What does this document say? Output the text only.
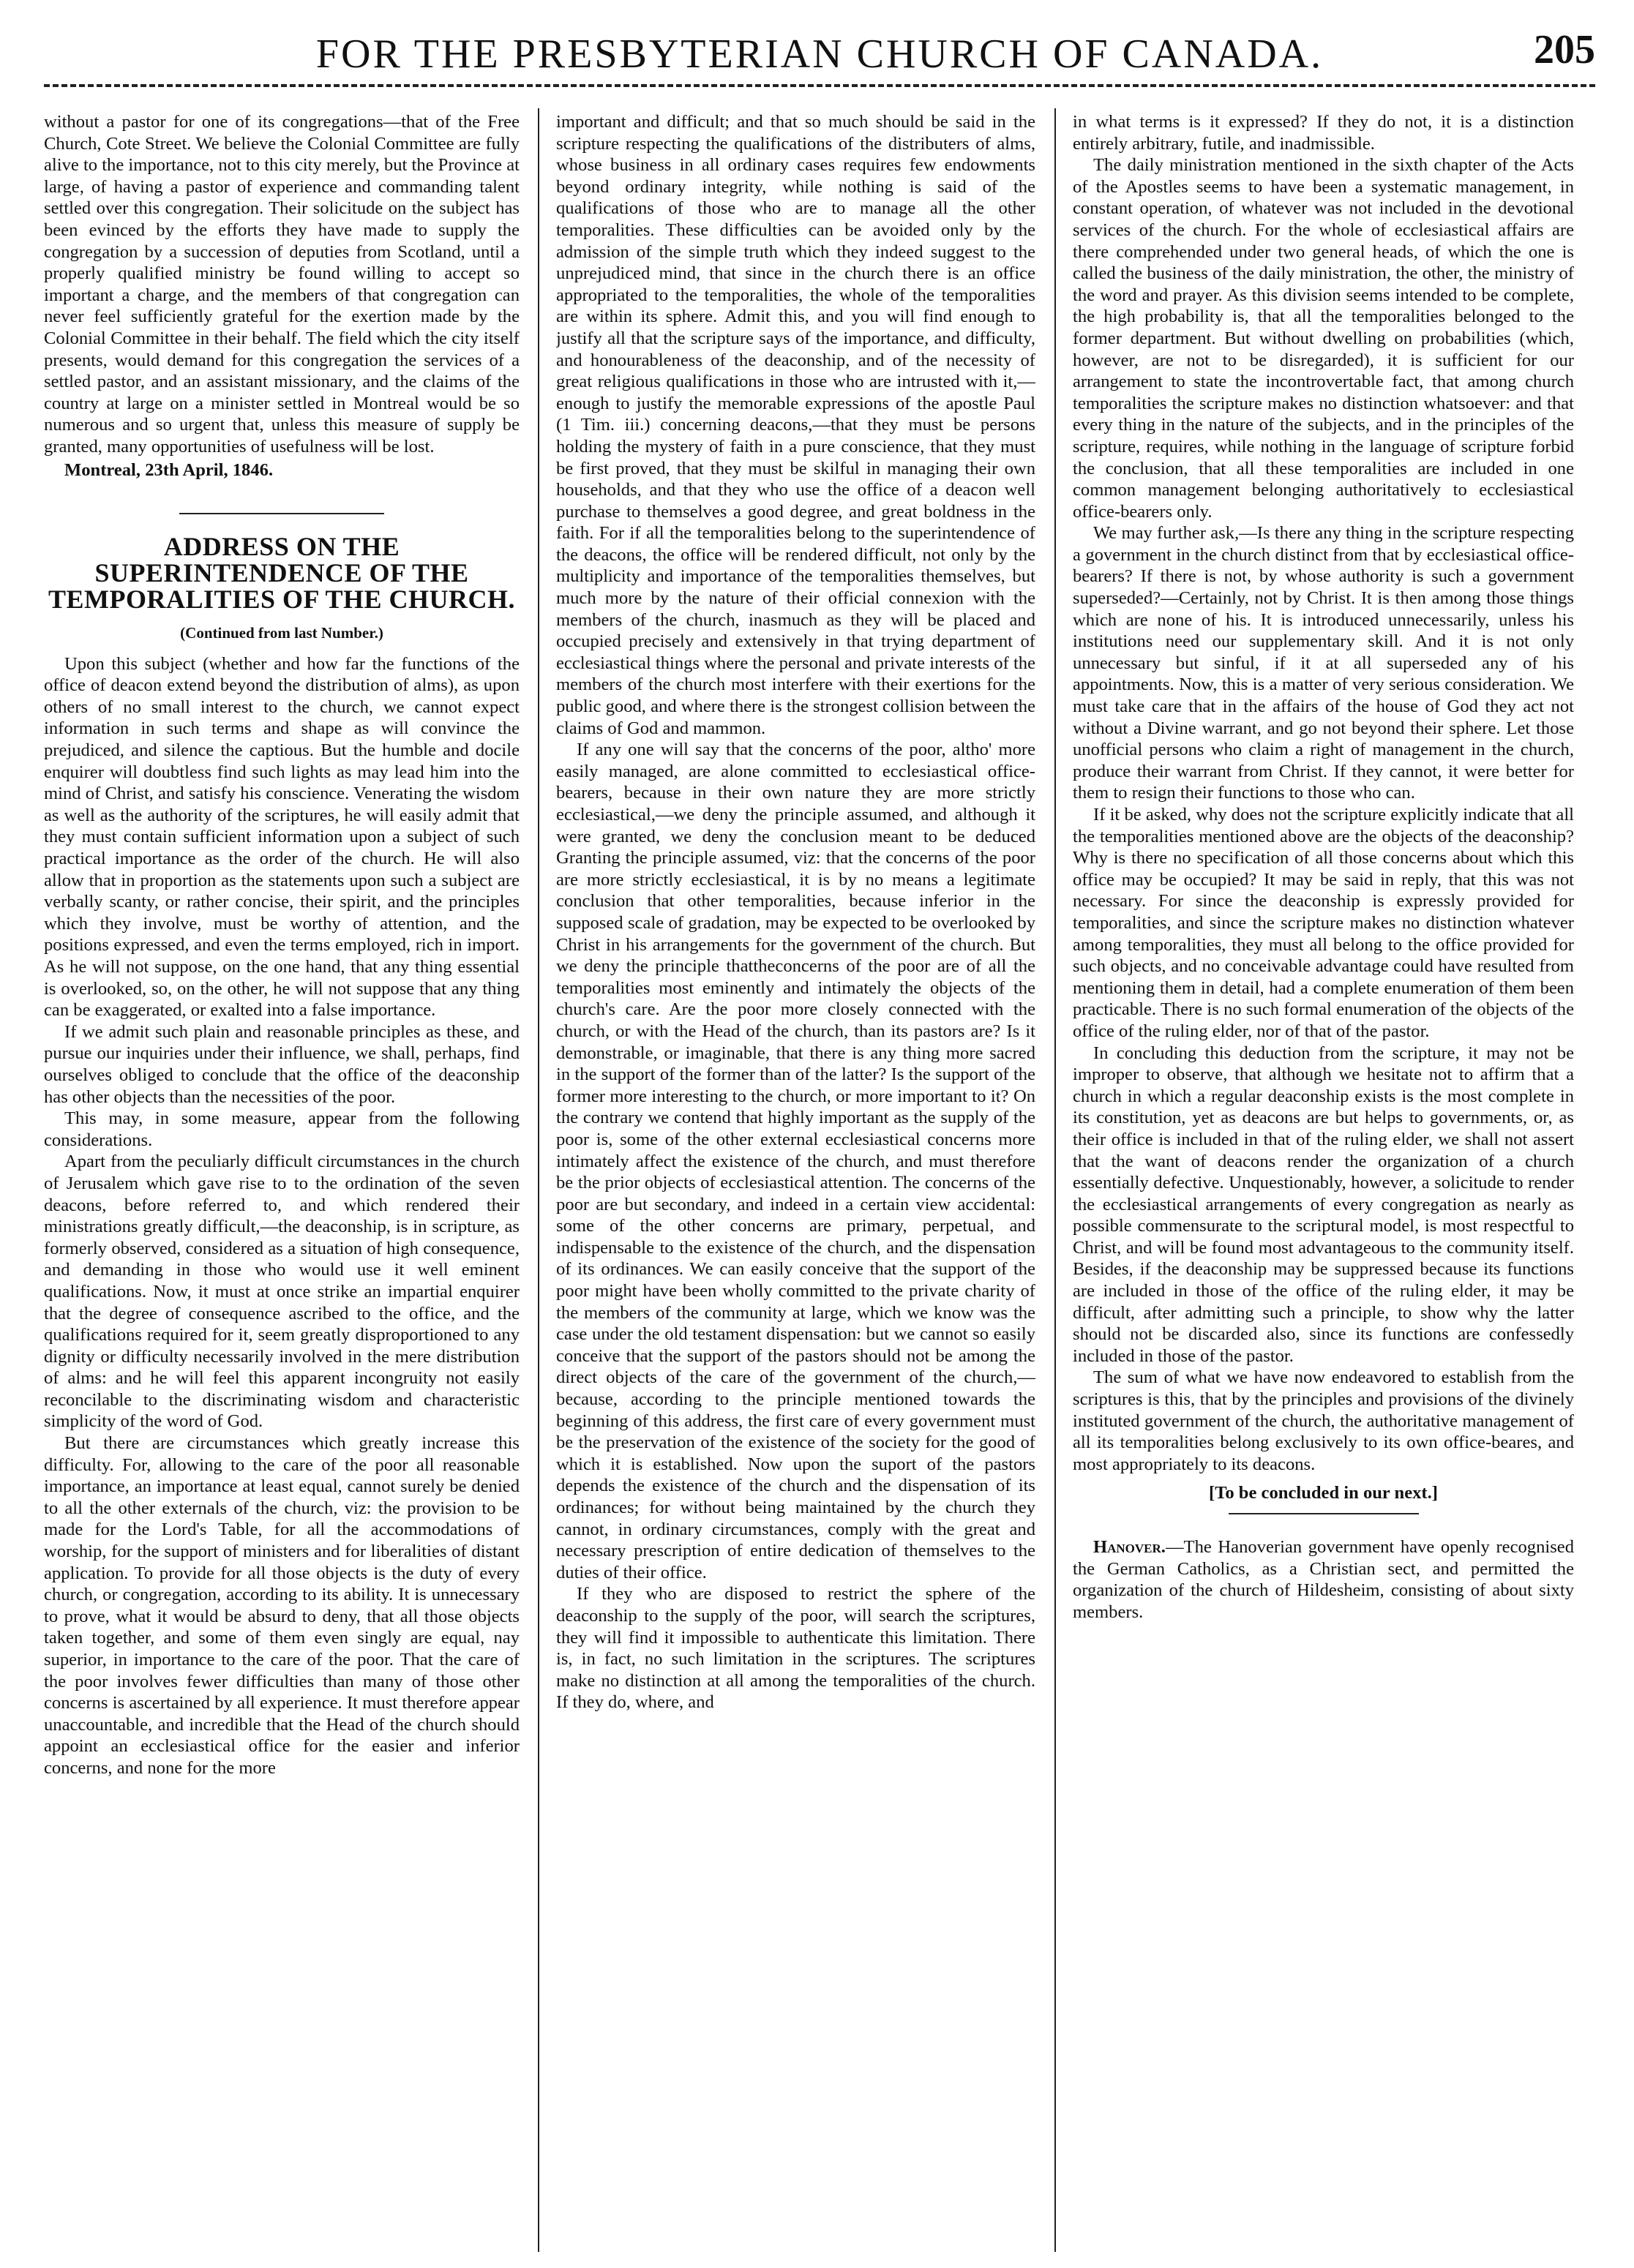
FOR THE PRESBYTERIAN CHURCH OF CANADA.	205

without a pastor for one of its congregations—that of the Free Church, Cote Street. We believe the Colonial Committee are fully alive to the importance, not to this city merely, but the Province at large, of having a pastor of experience and commanding talent settled over this congregation. Their solicitude on the subject has been evinced by the efforts they have made to supply the congregation by a succession of deputies from Scotland, until a properly qualified ministry be found willing to accept so important a charge, and the members of that congregation can never feel sufficiently grateful for the exertion made by the Colonial Committee in their behalf. The field which the city itself presents, would demand for this congregation the services of a settled pastor, and an assistant missionary, and the claims of the country at large on a minister settled in Montreal would be so numerous and so urgent that, unless this measure of supply be granted, many opportunities of usefulness will be lost.

Montreal, 23th April, 1846.

ADDRESS ON THE SUPERINTENDENCE OF THE TEMPORALITIES OF THE CHURCH.
(Continued from last Number.)

Upon this subject (whether and how far the functions of the office of deacon extend beyond the distribution of alms), as upon others of no small interest to the church, we cannot expect information in such terms and shape as will convince the prejudiced, and silence the captious. But the humble and docile enquirer will doubtless find such lights as may lead him into the mind of Christ, and satisfy his conscience. Venerating the wisdom as well as the authority of the scriptures, he will easily admit that they must contain sufficient information upon a subject of such practical importance as the order of the church. He will also allow that in proportion as the statements upon such a subject are verbally scanty, or rather concise, their spirit, and the principles which they involve, must be worthy of attention, and the positions expressed, and even the terms employed, rich in import. As he will not suppose, on the one hand, that any thing essential is overlooked, so, on the other, he will not suppose that any thing can be exaggerated, or exalted into a false importance.

If we admit such plain and reasonable principles as these, and pursue our inquiries under their influence, we shall, perhaps, find ourselves obliged to conclude that the office of the deaconship has other objects than the necessities of the poor.

This may, in some measure, appear from the following considerations.

Apart from the peculiarly difficult circumstances in the church of Jerusalem which gave rise to to the ordination of the seven deacons, before referred to, and which rendered their ministrations greatly difficult,—the deaconship, is in scripture, as formerly observed, considered as a situation of high consequence, and demanding in those who would use it well eminent qualifications. Now, it must at once strike an impartial enquirer that the degree of consequence ascribed to the office, and the qualifications required for it, seem greatly disproportioned to any dignity or difficulty necessarily involved in the mere distribution of alms: and he will feel this apparent incongruity not easily reconcilable to the discriminating wisdom and characteristic simplicity of the word of God.

But there are circumstances which greatly increase this difficulty. For, allowing to the care of the poor all reasonable importance, an importance at least equal, cannot surely be denied to all the other externals of the church, viz: the provision to be made for the Lord's Table, for all the accommodations of worship, for the support of ministers and for liberalities of distant application. To provide for all those objects is the duty of every church, or congregation, according to its ability. It is unnecessary to prove, what it would be absurd to deny, that all those objects taken together, and some of them even singly are equal, nay superior, in importance to the care of the poor. That the care of the poor involves fewer difficulties than many of those other concerns is ascertained by all experience. It must therefore appear unaccountable, and incredible that the Head of the church should appoint an ecclesiastical office for the easier and inferior concerns, and none for the more

important and difficult; and that so much should be said in the scripture respecting the qualifications of the distributers of alms, whose business in all ordinary cases requires few endowments beyond ordinary integrity, while nothing is said of the qualifications of those who are to manage all the other temporalities. These difficulties can be avoided only by the admission of the simple truth which they indeed suggest to the unprejudiced mind, that since in the church there is an office appropriated to the temporalities, the whole of the temporalities are within its sphere. Admit this, and you will find enough to justify all that the scripture says of the importance, and difficulty, and honourableness of the deaconship, and of the necessity of great religious qualifications in those who are intrusted with it,—enough to justify the memorable expressions of the apostle Paul (1 Tim. iii.) concerning deacons,—that they must be persons holding the mystery of faith in a pure conscience, that they must be first proved, that they must be skilful in managing their own households, and that they who use the office of a deacon well purchase to themselves a good degree, and great boldness in the faith. For if all the temporalities belong to the superintendence of the deacons, the office will be rendered difficult, not only by the multiplicity and importance of the temporalities themselves, but much more by the nature of their official connexion with the members of the church, inasmuch as they will be placed and occupied precisely and extensively in that trying department of ecclesiastical things where the personal and private interests of the members of the church most interfere with their exertions for the public good, and where there is the strongest collision between the claims of God and mammon.

If any one will say that the concerns of the poor, altho' more easily managed, are alone committed to ecclesiastical office-bearers, because in their own nature they are more strictly ecclesiastical,—we deny the principle assumed, and although it were granted, we deny the conclusion meant to be deduced Granting the principle assumed, viz: that the concerns of the poor are more strictly ecclesiastical, it is by no means a legitimate conclusion that other temporalities, because inferior in the supposed scale of gradation, may be expected to be overlooked by Christ in his arrangements for the government of the church. But we deny the principle thattheconcerns of the poor are of all the temporalities most eminently and intimately the objects of the church's care. Are the poor more closely connected with the church, or with the Head of the church, than its pastors are? Is it demonstrable, or imaginable, that there is any thing more sacred in the support of the former than of the latter? Is the support of the former more interesting to the church, or more important to it? On the contrary we contend that highly important as the supply of the poor is, some of the other external ecclesiastical concerns more intimately affect the existence of the church, and must therefore be the prior objects of ecclesiastical attention. The concerns of the poor are but secondary, and indeed in a certain view accidental: some of the other concerns are primary, perpetual, and indispensable to the existence of the church, and the dispensation of its ordinances. We can easily conceive that the support of the poor might have been wholly committed to the private charity of the members of the community at large, which we know was the case under the old testament dispensation: but we cannot so easily conceive that the support of the pastors should not be among the direct objects of the care of the government of the church,—because, according to the principle mentioned towards the beginning of this address, the first care of every government must be the preservation of the existence of the society for the good of which it is established. Now upon the suport of the pastors depends the existence of the church and the dispensation of its ordinances; for without being maintained by the church they cannot, in ordinary circumstances, comply with the great and necessary prescription of entire dedication of themselves to the duties of their office.

If they who are disposed to restrict the sphere of the deaconship to the supply of the poor, will search the scriptures, they will find it impossible to authenticate this limitation. There is, in fact, no such limitation in the scriptures. The scriptures make no distinction at all among the temporalities of the church. If they do, where, and

in what terms is it expressed? If they do not, it is a distinction entirely arbitrary, futile, and inadmissible.

The daily ministration mentioned in the sixth chapter of the Acts of the Apostles seems to have been a systematic management, in constant operation, of whatever was not included in the devotional services of the church. For the whole of ecclesiastical affairs are there comprehended under two general heads, of which the one is called the business of the daily ministration, the other, the ministry of the word and prayer. As this division seems intended to be complete, the high probability is, that all the temporalities belonged to the former department. But without dwelling on probabilities (which, however, are not to be disregarded), it is sufficient for our arrangement to state the incontrovertable fact, that among church temporalities the scripture makes no distinction whatsoever: and that every thing in the nature of the subjects, and in the principles of the scripture, requires, while nothing in the language of scripture forbid the conclusion, that all these temporalities are included in one common management belonging authoritatively to ecclesiastical office-bearers only.

We may further ask,—Is there any thing in the scripture respecting a government in the church distinct from that by ecclesiastical office-bearers? If there is not, by whose authority is such a government superseded?—Certainly, not by Christ. It is then among those things which are none of his. It is introduced unnecessarily, unless his institutions need our supplementary skill. And it is not only unnecessary but sinful, if it at all superseded any of his appointments. Now, this is a matter of very serious consideration. We must take care that in the affairs of the house of God they act not without a Divine warrant, and go not beyond their sphere. Let those unofficial persons who claim a right of management in the church, produce their warrant from Christ. If they cannot, it were better for them to resign their functions to those who can.

If it be asked, why does not the scripture explicitly indicate that all the temporalities mentioned above are the objects of the deaconship? Why is there no specification of all those concerns about which this office may be occupied? It may be said in reply, that this was not necessary. For since the deaconship is expressly provided for temporalities, and since the scripture makes no distinction whatever among temporalities, they must all belong to the office provided for such objects, and no conceivable advantage could have resulted from mentioning them in detail, had a complete enumeration of them been practicable. There is no such formal enumeration of the objects of the office of the ruling elder, nor of that of the pastor.

In concluding this deduction from the scripture, it may not be improper to observe, that although we hesitate not to affirm that a church in which a regular deaconship exists is the most complete in its constitution, yet as deacons are but helps to governments, or, as their office is included in that of the ruling elder, we shall not assert that the want of deacons render the organization of a church essentially defective. Unquestionably, however, a solicitude to render the ecclesiastical arrangements of every congregation as nearly as possible commensurate to the scriptural model, is most respectful to Christ, and will be found most advantageous to the community itself. Besides, if the deaconship may be suppressed because its functions are included in those of the office of the ruling elder, it may be difficult, after admitting such a principle, to show why the latter should not be discarded also, since its functions are confessedly included in those of the pastor.

The sum of what we have now endeavored to establish from the scriptures is this, that by the principles and provisions of the divinely instituted government of the church, the authoritative management of all its temporalities belong exclusively to its own office-beares, and most appropriately to its deacons.

[To be concluded in our next.]

Hanover.—The Hanoverian government have openly recognised the German Catholics, as a Christian sect, and permitted the organization of the church of Hildesheim, consisting of about sixty members.
